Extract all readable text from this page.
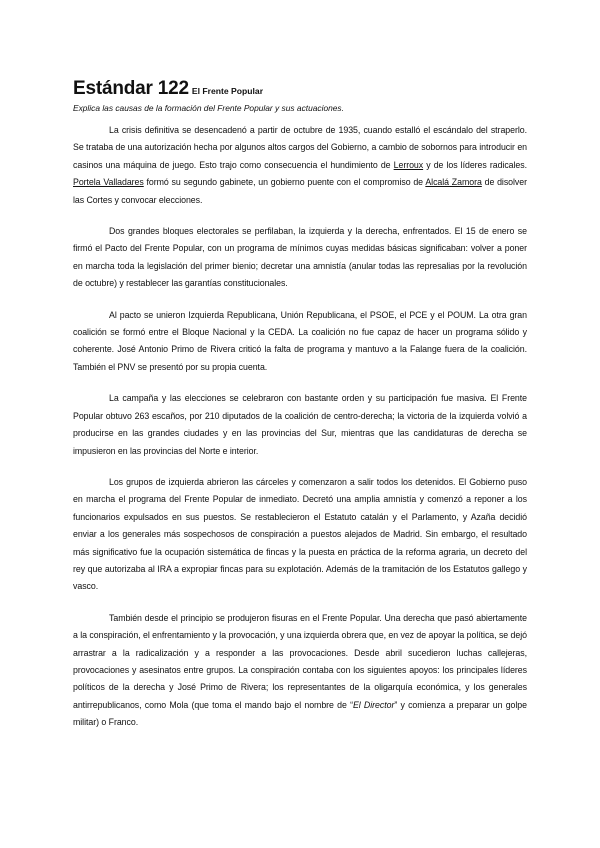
Estándar 122 El Frente Popular

Explica las causas de la formación del Frente Popular y sus actuaciones.

La crisis definitiva se desencadenó a partir de octubre de 1935, cuando estalló el escándalo del straperlo. Se trataba de una autorización hecha por algunos altos cargos del Gobierno, a cambio de sobornos para introducir en casinos una máquina de juego. Esto trajo como consecuencia el hundimiento de Lerroux y de los líderes radicales. Portela Valladares formó su segundo gabinete, un gobierno puente con el compromiso de Alcalá Zamora de disolver las Cortes y convocar elecciones.

Dos grandes bloques electorales se perfilaban, la izquierda y la derecha, enfrentados. El 15 de enero se firmó el Pacto del Frente Popular, con un programa de mínimos cuyas medidas básicas significaban: volver a poner en marcha toda la legislación del primer bienio; decretar una amnistía (anular todas las represalias por la revolución de octubre) y restablecer las garantías constitucionales.

Al pacto se unieron Izquierda Republicana, Unión Republicana, el PSOE, el PCE y el POUM. La otra gran coalición se formó entre el Bloque Nacional y la CEDA. La coalición no fue capaz de hacer un programa sólido y coherente. José Antonio Primo de Rivera criticó la falta de programa y mantuvo a la Falange fuera de la coalición. También el PNV se presentó por su propia cuenta.

La campaña y las elecciones se celebraron con bastante orden y su participación fue masiva. El Frente Popular obtuvo 263 escaños, por 210 diputados de la coalición de centro-derecha; la victoria de la izquierda volvió a producirse en las grandes ciudades y en las provincias del Sur, mientras que las candidaturas de derecha se impusieron en las provincias del Norte e interior.

Los grupos de izquierda abrieron las cárceles y comenzaron a salir todos los detenidos. El Gobierno puso en marcha el programa del Frente Popular de inmediato. Decretó una amplia amnistía y comenzó a reponer a los funcionarios expulsados en sus puestos. Se restablecieron el Estatuto catalán y el Parlamento, y Azaña decidió enviar a los generales más sospechosos de conspiración a puestos alejados de Madrid. Sin embargo, el resultado más significativo fue la ocupación sistemática de fincas y la puesta en práctica de la reforma agraria, un decreto del rey que autorizaba al IRA a expropiar fincas para su explotación. Además de la tramitación de los Estatutos gallego y vasco.

También desde el principio se produjeron fisuras en el Frente Popular. Una derecha que pasó abiertamente a la conspiración, el enfrentamiento y la provocación, y una izquierda obrera que, en vez de apoyar la política, se dejó arrastrar a la radicalización y a responder a las provocaciones. Desde abril sucedieron luchas callejeras, provocaciones y asesinatos entre grupos. La conspiración contaba con los siguientes apoyos: los principales líderes políticos de la derecha y José Primo de Rivera; los representantes de la oligarquía económica, y los generales antirrepublicanos, como Mola (que toma el mando bajo el nombre de “El Director” y comienza a preparar un golpe militar) o Franco.
